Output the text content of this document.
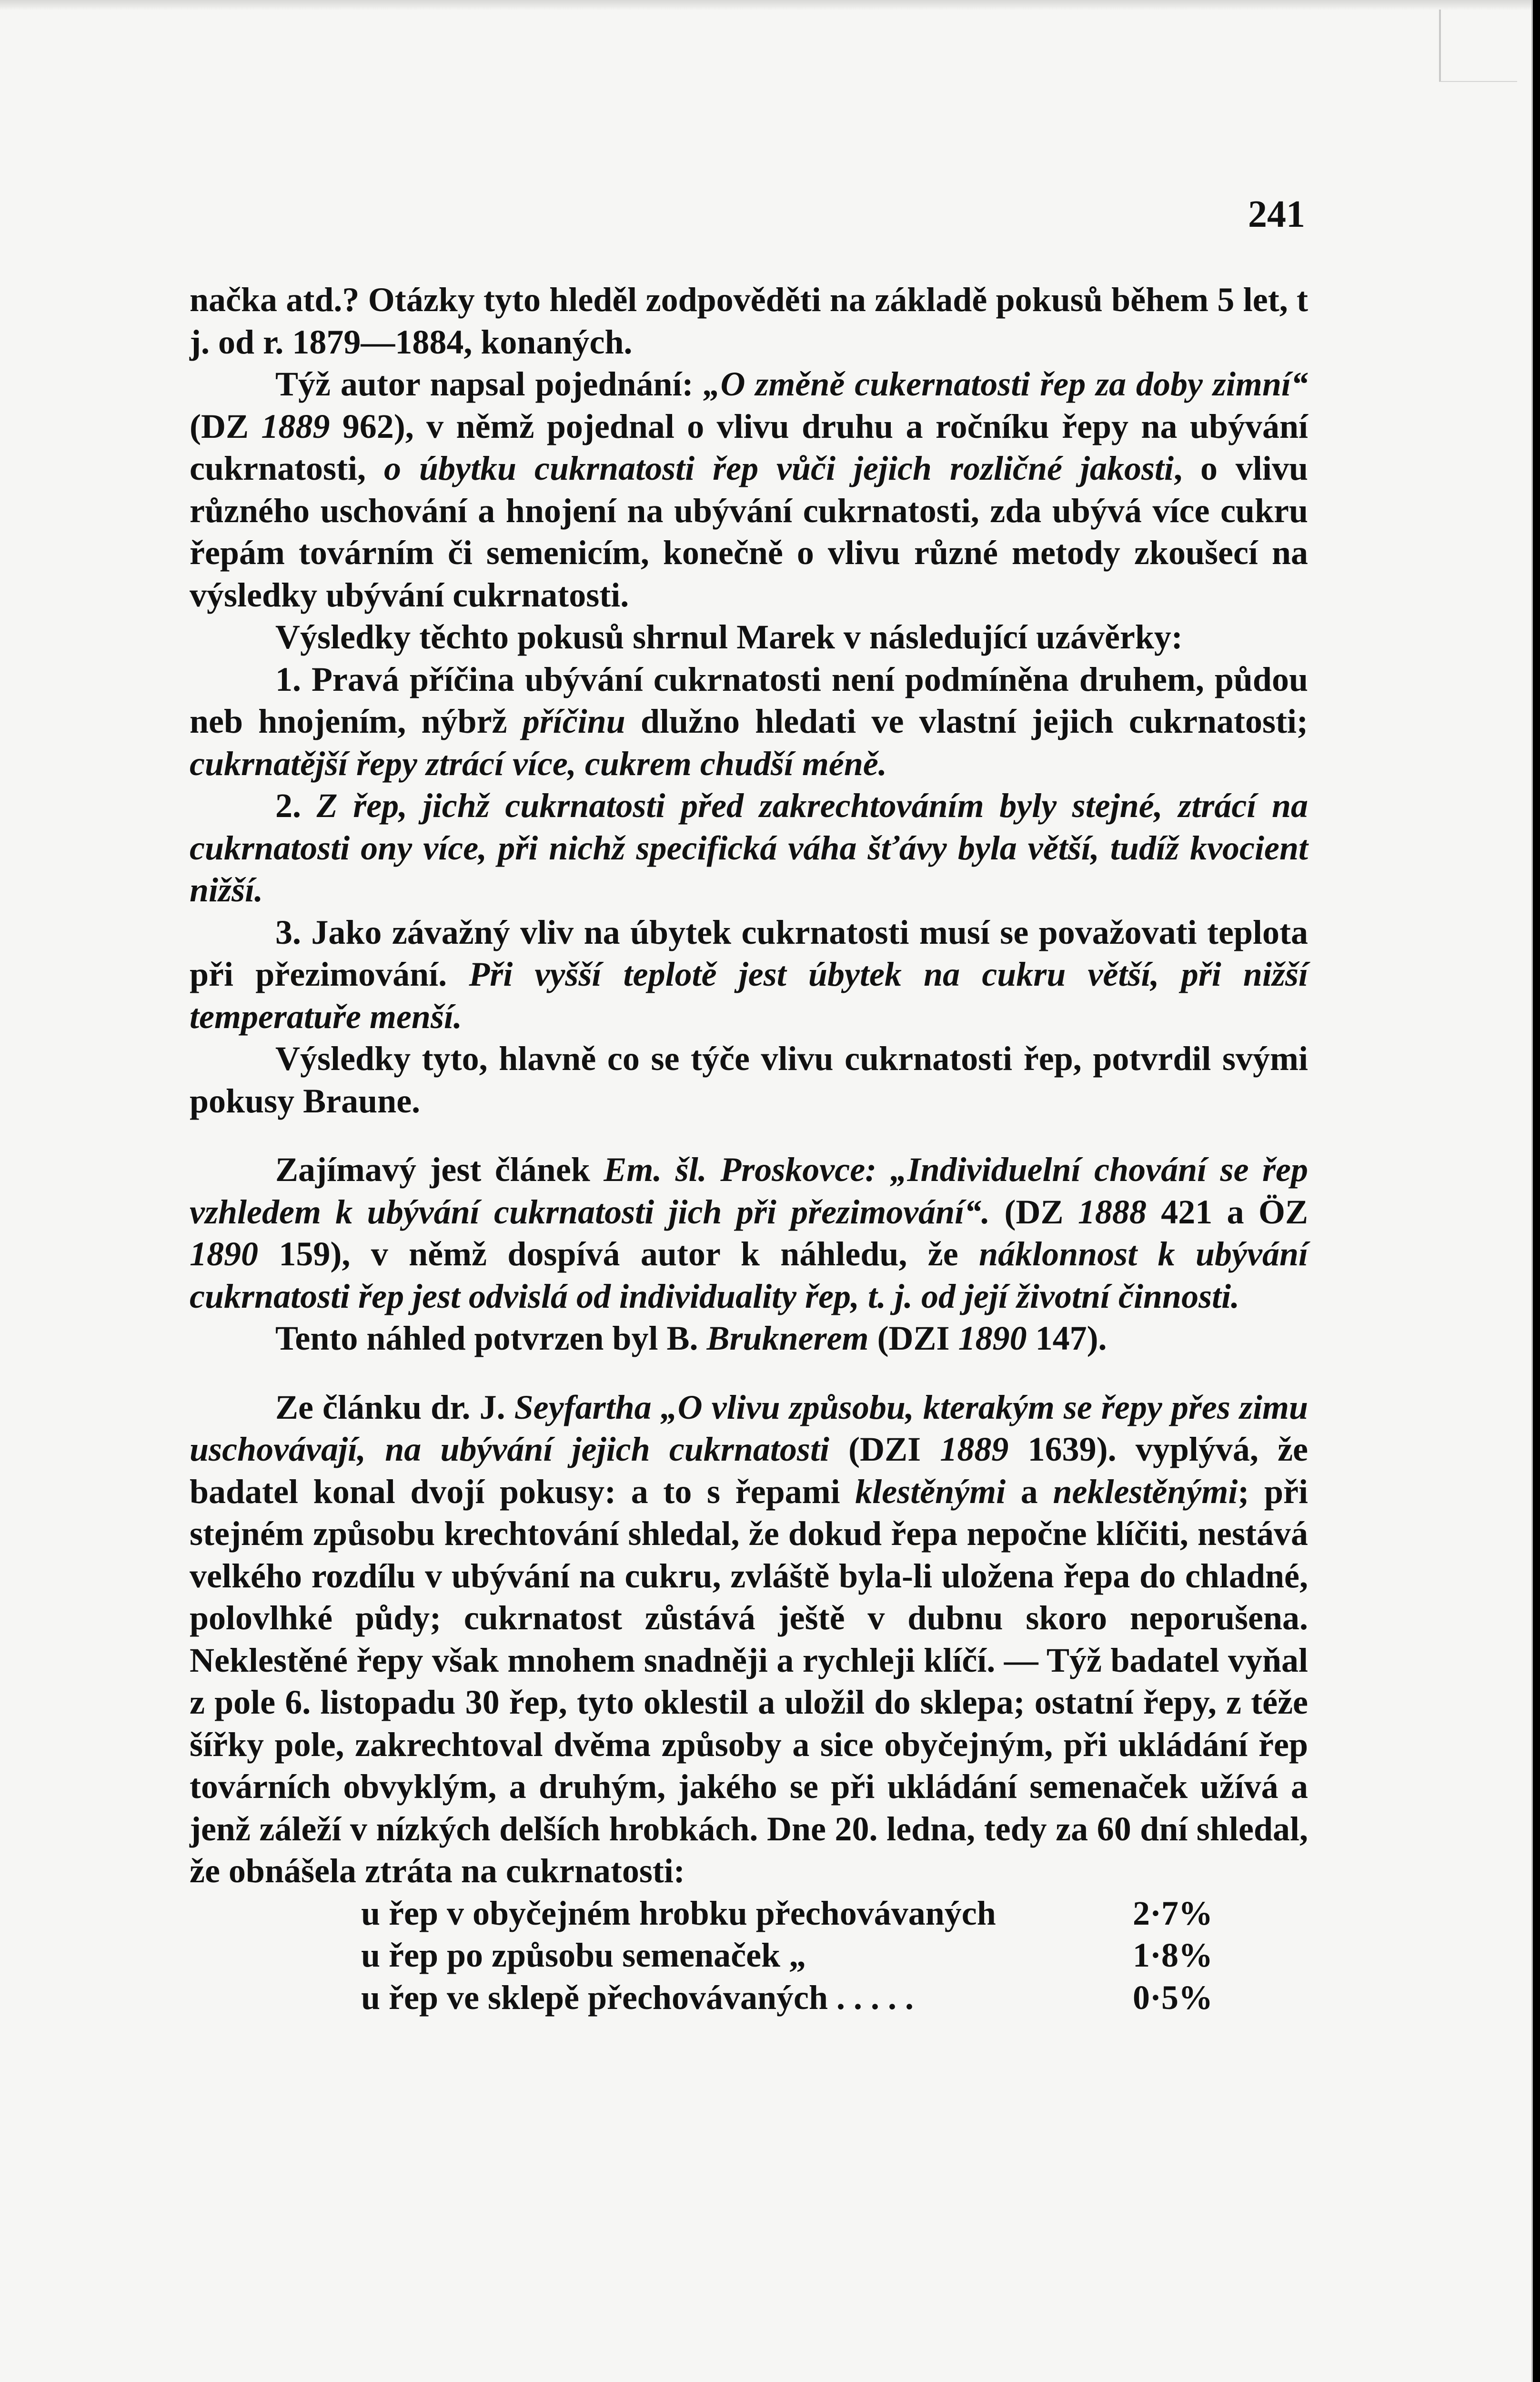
241

načka atd.? Otázky tyto hleděl zodpověděti na základě pokusů během 5 let, t j. od r. 1879—1884, konaných.

Týž autor napsal pojednání: „O změně cukernatosti řep za doby zimní“ (DZ 1889 962), v němž pojednal o vlivu druhu a ročníku řepy na ubývání cukrnatosti, o úbytku cukrnatosti řep vůči jejich rozličné jakosti, o vlivu různého uschování a hnojení na ubývání cukrnatosti, zda ubývá více cukru řepám továrním či semenicím, konečně o vlivu různé metody zkoušecí na výsledky ubývání cukrnatosti.

Výsledky těchto pokusů shrnul Marek v následující uzávěrky:

1. Pravá příčina ubývání cukrnatosti není podmíněna druhem, půdou neb hnojením, nýbrž příčinu dlužno hledati ve vlastní jejich cukrnatosti; cukrnatější řepy ztrácí více, cukrem chudší méně.

2. Z řep, jichž cukrnatosti před zakrechtováním byly stejné, ztrácí na cukrnatosti ony více, při nichž specifická váha šťávy byla větší, tudíž kvocient nižší.

3. Jako závažný vliv na úbytek cukrnatosti musí se považovati teplota při přezimování. Při vyšší teplotě jest úbytek na cukru větší, při nižší temperatuře menší.

Výsledky tyto, hlavně co se týče vlivu cukrnatosti řep, potvrdil svými pokusy Braune.

Zajímavý jest článek Em. šl. Proskovce: „Individuelní chování se řep vzhledem k ubývání cukrnatosti jich při přezimování“. (DZ 1888 421 a ÖZ 1890 159), v němž dospívá autor k náhledu, že náklonnost k ubývání cukrnatosti řep jest odvislá od individuality řep, t. j. od její životní činnosti.

Tento náhled potvrzen byl B. Bruknerem (DZI 1890 147).

Ze článku dr. J. Seyfartha „O vlivu způsobu, kterakým se řepy přes zimu uschovávají, na ubývání jejich cukrnatosti (DZI 1889 1639). vyplývá, že badatel konal dvojí pokusy: a to s řepami klestěnými a neklestěnými; při stejném způsobu krechtování shledal, že dokud řepa nepočne klíčiti, nestává velkého rozdílu v ubývání na cukru, zvláště byla-li uložena řepa do chladné, polovlhké půdy; cukrnatost zůstává ještě v dubnu skoro neporušena. Neklestěné řepy však mnohem snadněji a rychleji klíčí. — Týž badatel vyňal z pole 6. listopadu 30 řep, tyto oklestil a uložil do sklepa; ostatní řepy, z téže šířky pole, zakrechtoval dvěma způsoby a sice obyčejným, při ukládání řep továrních obvyklým, a druhým, jakého se při ukládání semenaček užívá a jenž záleží v nízkých delších hrobkách. Dne 20. ledna, tedy za 60 dní shledal, že obnášela ztráta na cukrnatosti:

u řep v obyčejném hrobku přechovávaných	2·7%
u řep po způsobu semenaček „	1·8%
u řep ve sklepě přechovávaných . . . . .	0·5%
